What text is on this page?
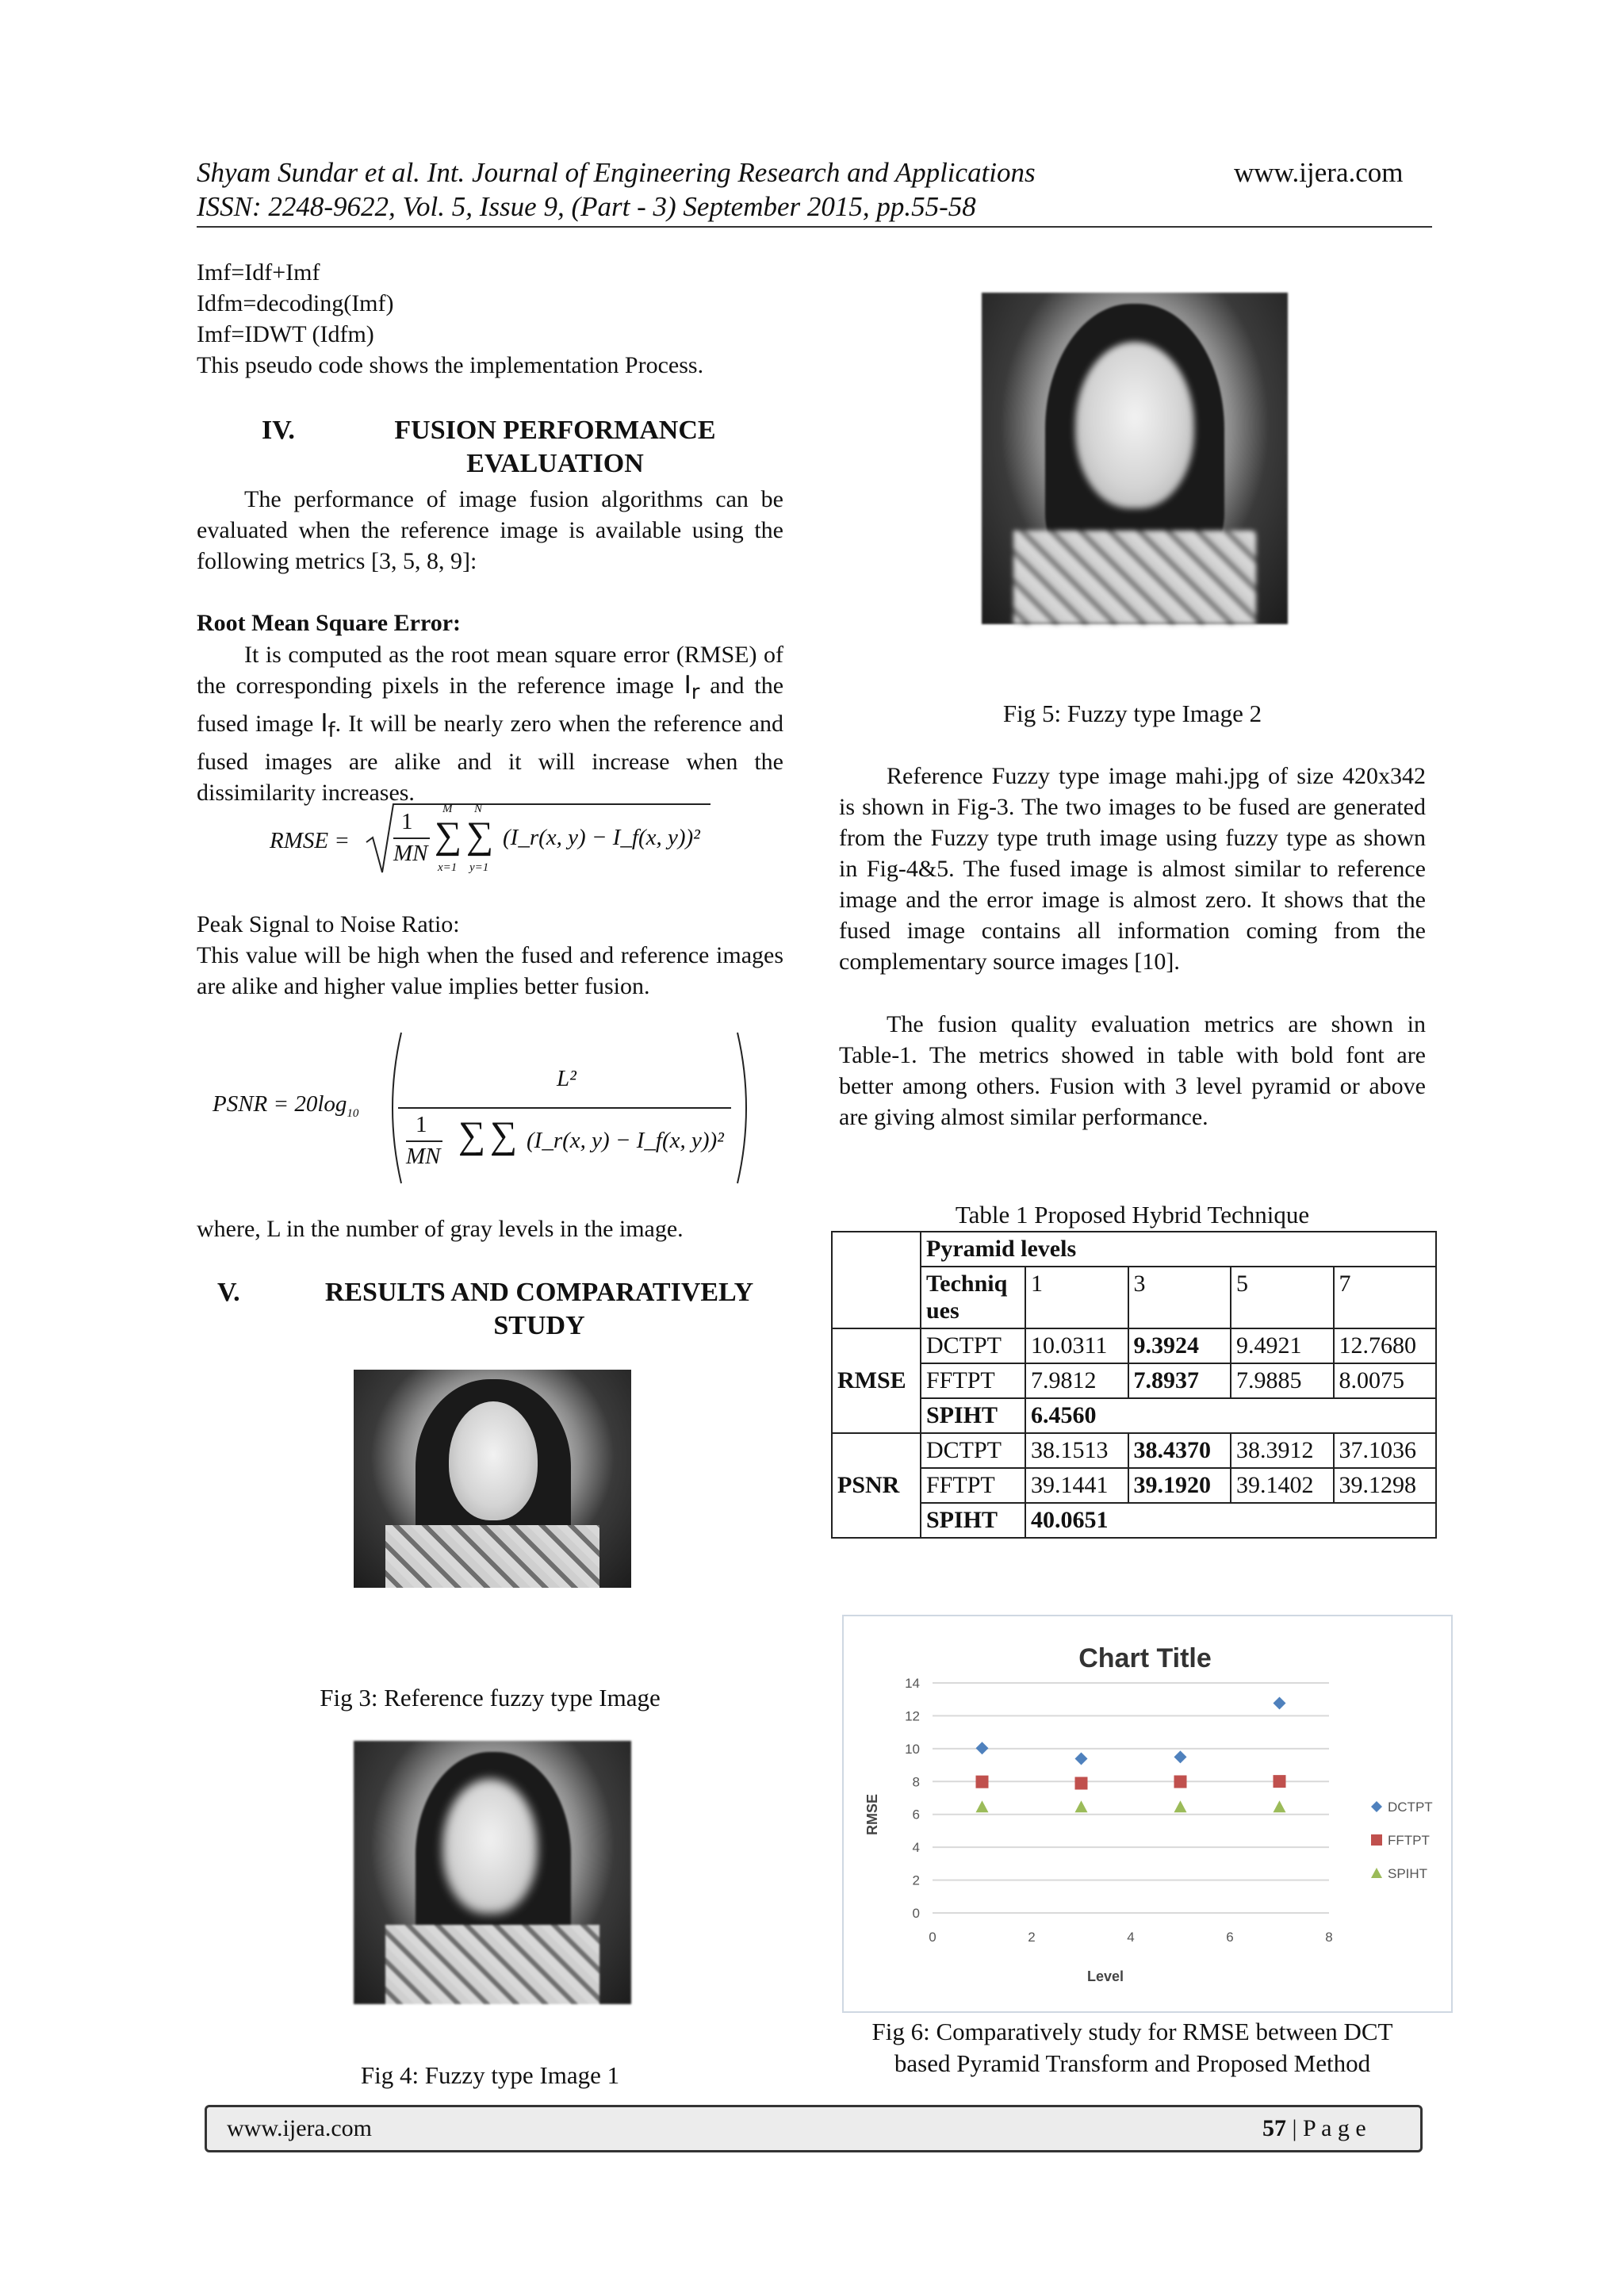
Shyam Sundar et al. Int. Journal of Engineering Research and Applications	www.ijera.com
ISSN: 2248-9622, Vol. 5, Issue 9, (Part - 3) September 2015, pp.55-58
Imf=Idf+Imf
Idfm=decoding(Imf)
Imf=IDWT (Idfm)
This pseudo code shows the implementation Process.
IV.	FUSION PERFORMANCE
EVALUATION
The performance of image fusion algorithms can be evaluated when the reference image is available using the following metrics [3, 5, 8, 9]:
Root Mean Square Error:
It is computed as the root mean square error (RMSE) of the corresponding pixels in the reference image $I_r$ and the fused image $I_f$. It will be nearly zero when the reference and fused images are alike and it will increase when the dissimilarity increases.
RMSE =
1
MN
M
∑
x=1
N
∑
y=1
(I_r(x, y) − I_f(x, y))²
Peak Signal to Noise Ratio:
This value will be high when the fused and reference images are alike and higher value implies better fusion.
PSNR = $20\log_{10}$
L²
1
MN ∑ ∑ (I_r(x, y) − I_f(x, y))²
where, L in the number of gray levels in the image.
V.	RESULTS AND COMPARATIVELY
STUDY
Fig 3: Reference fuzzy type Image
Fig 4: Fuzzy type Image 1
Fig 5: Fuzzy type Image 2
Reference Fuzzy type image mahi.jpg of size 420x342 is shown in Fig-3. The two images to be fused are generated from the Fuzzy type truth image using fuzzy type as shown in Fig-4&5. The fused image is almost similar to reference image and the error image is almost zero. It shows that the fused image contains all information coming from the complementary source images [10].
The fusion quality evaluation metrics are shown in Table-1. The metrics showed in table with bold font are better among others. Fusion with 3 level pyramid or above are giving almost similar performance.
Table 1 Proposed Hybrid Technique
	Pyramid levels				

	Techniq
ues	1	3	5	7
RMSE	DCTPT	10.0311	9.3924	9.4921	12.7680
	FFTPT	7.9812	7.8937	7.9885	8.0075
	SPIHT	6.4560			
PSNR	DCTPT	38.1513	38.4370	38.3912	37.1036
	FFTPT	39.1441	39.1920	39.1402	39.1298
	SPIHT	40.0651			
0
2
4
6
8
10
12
14
0	2	4	6	8
DCTPT
FFTPT
SPIHT
Chart Title
Level
RMSE
Fig 6: Comparatively study for RMSE between DCT
based Pyramid Transform and Proposed Method
www.ijera.com	57 | P a g e
